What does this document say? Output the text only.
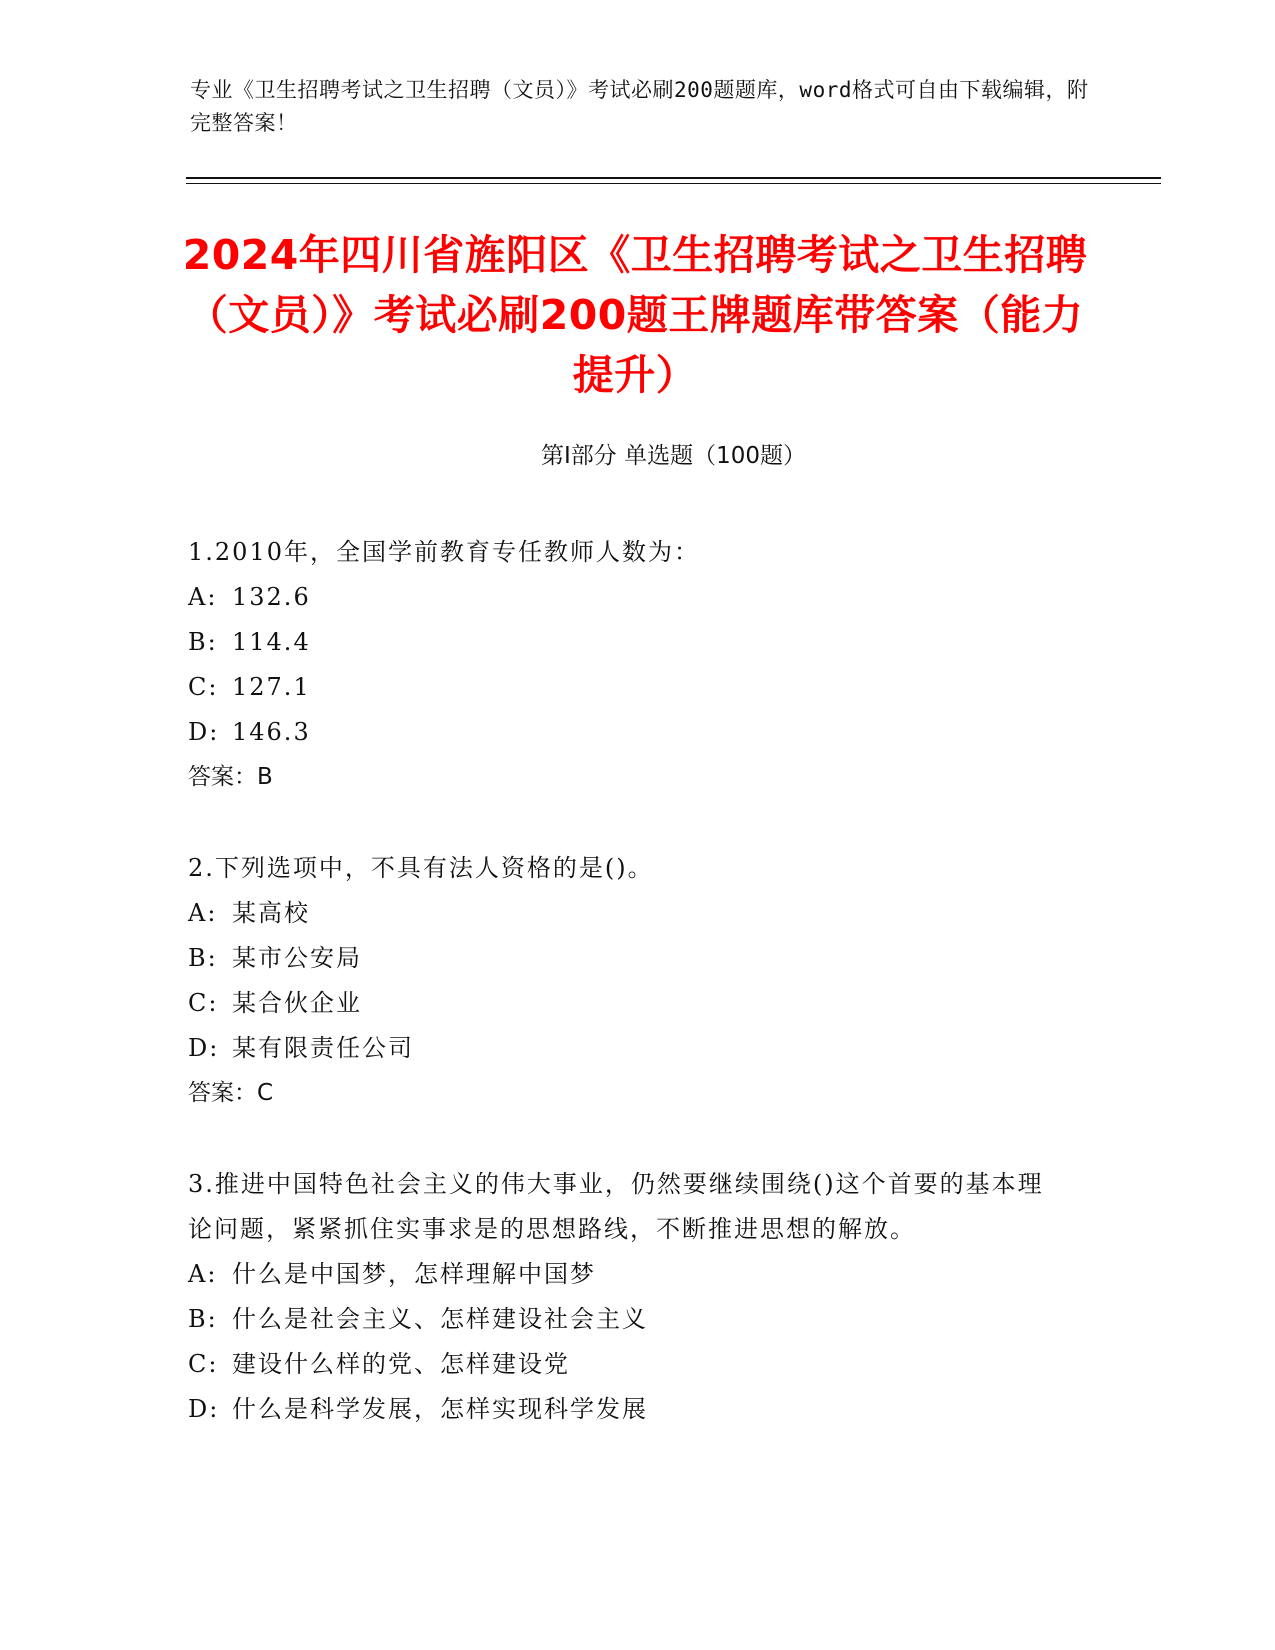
专业《卫生招聘考试之卫生招聘（文员）》考试必刷200题题库，word格式可自由下载编辑，附完整答案！
2024年四川省旌阳区《卫生招聘考试之卫生招聘（文员）》考试必刷200题王牌题库带答案（能力提升）
第Ⅰ部分 单选题（100题）

1.2010年，全国学前教育专任教师人数为：

A: 132.6

B: 114.4

C: 127.1

D: 146.3

答案：B

2.下列选项中，不具有法人资格的是()。

A: 某高校

B: 某市公安局

C: 某合伙企业

D: 某有限责任公司

答案：C

3.推进中国特色社会主义的伟大事业，仍然要继续围绕()这个首要的基本理论问题，紧紧抓住实事求是的思想路线，不断推进思想的解放。

A: 什么是中国梦，怎样理解中国梦

B: 什么是社会主义、怎样建设社会主义

C: 建设什么样的党、怎样建设党

D: 什么是科学发展，怎样实现科学发展
